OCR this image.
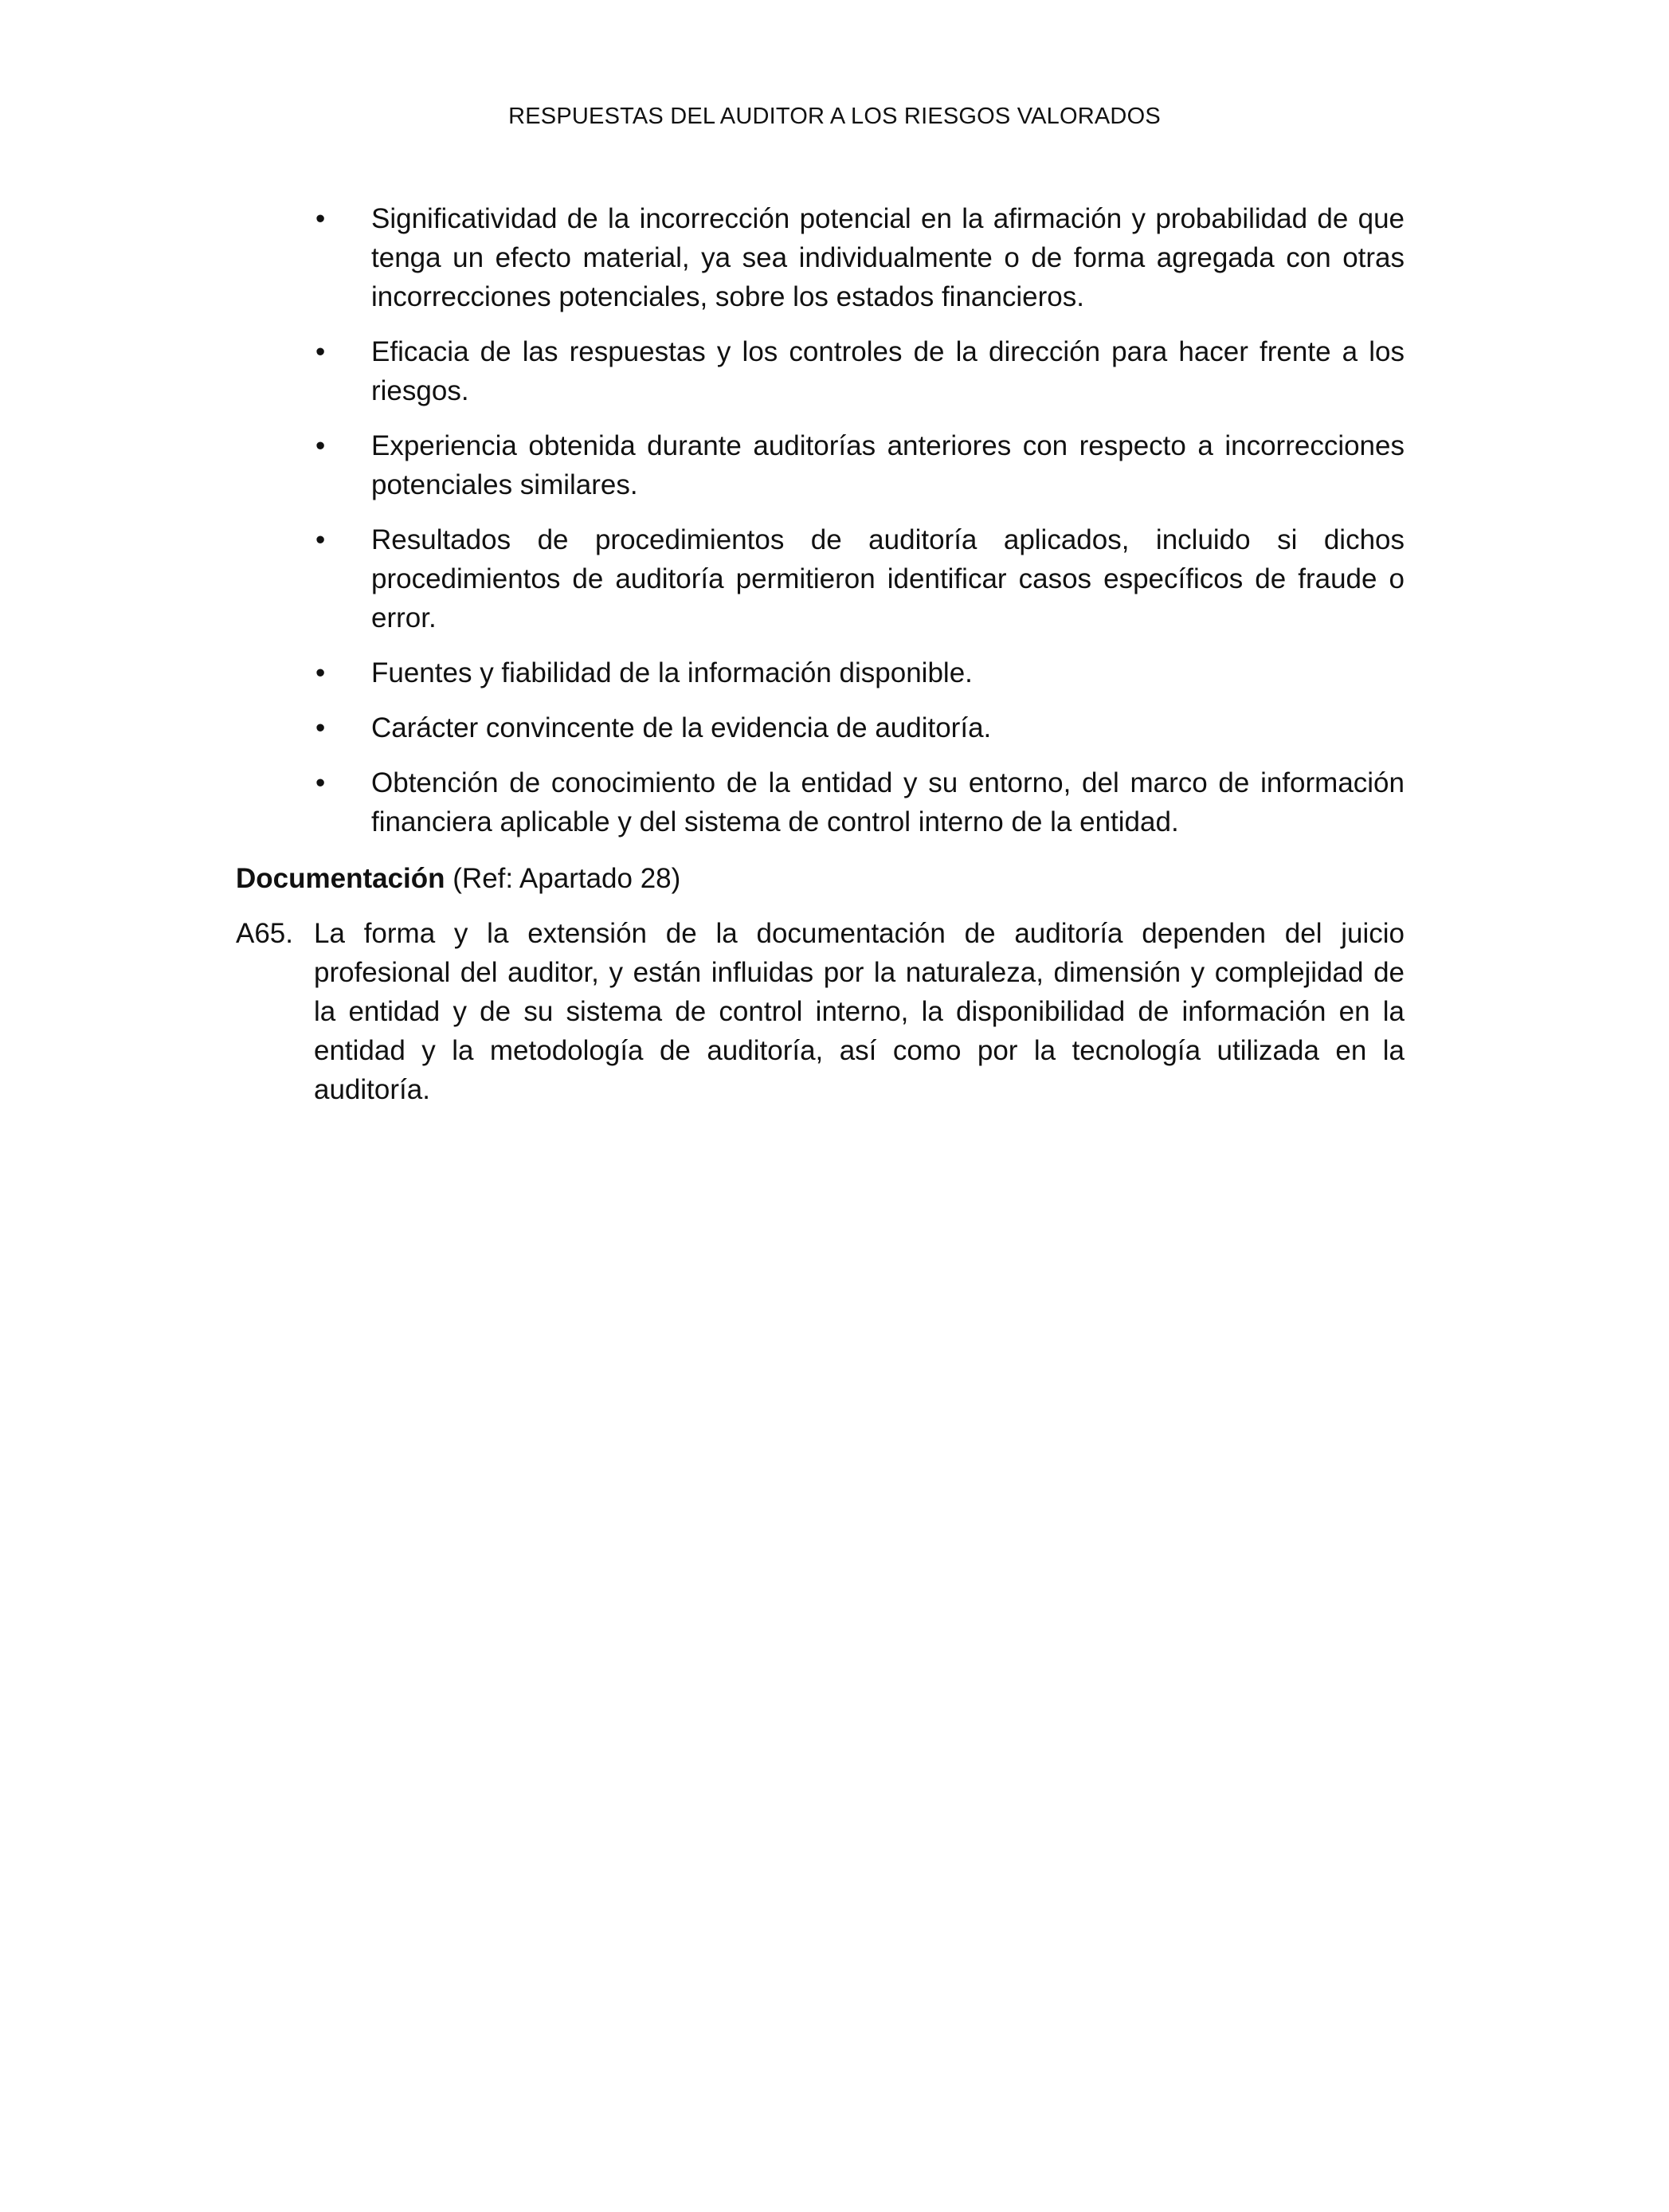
RESPUESTAS DEL AUDITOR A LOS RIESGOS VALORADOS
• Significatividad de la incorrección potencial en la afirmación y probabilidad de que tenga un efecto material, ya sea individualmente o de forma agregada con otras incorrecciones potenciales, sobre los estados financieros.
• Eficacia de las respuestas y los controles de la dirección para hacer frente a los riesgos.
• Experiencia obtenida durante auditorías anteriores con respecto a incorrecciones potenciales similares.
• Resultados de procedimientos de auditoría aplicados, incluido si dichos procedimientos de auditoría permitieron identificar casos específicos de fraude o error.
• Fuentes y fiabilidad de la información disponible.
• Carácter convincente de la evidencia de auditoría.
• Obtención de conocimiento de la entidad y su entorno, del marco de información financiera aplicable y del sistema de control interno de la entidad.
Documentación (Ref: Apartado 28)
A65. La forma y la extensión de la documentación de auditoría dependen del juicio profesional del auditor, y están influidas por la naturaleza, dimensión y complejidad de la entidad y de su sistema de control interno, la disponibilidad de información en la entidad y la metodología de auditoría, así como por la tecnología utilizada en la auditoría.
